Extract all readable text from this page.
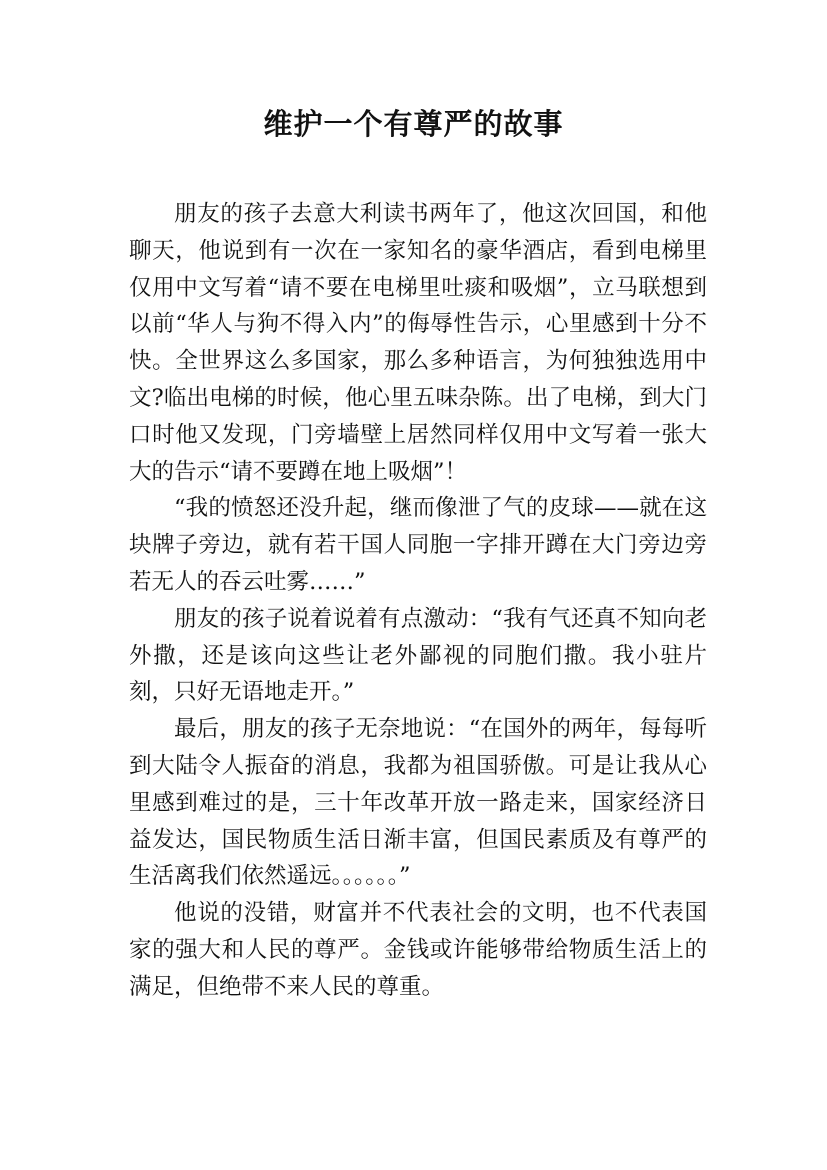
维护一个有尊严的故事

朋友的孩子去意大利读书两年了，他这次回国，和他聊天，他说到有一次在一家知名的豪华酒店，看到电梯里仅用中文写着“请不要在电梯里吐痰和吸烟”，立马联想到以前“华人与狗不得入内”的侮辱性告示，心里感到十分不快。全世界这么多国家，那么多种语言，为何独独选用中文?临出电梯的时候，他心里五味杂陈。出了电梯，到大门口时他又发现，门旁墙壁上居然同样仅用中文写着一张大大的告示“请不要蹲在地上吸烟”！

“我的愤怒还没升起，继而像泄了气的皮球——就在这块牌子旁边，就有若干国人同胞一字排开蹲在大门旁边旁若无人的吞云吐雾……”

朋友的孩子说着说着有点激动：“我有气还真不知向老外撒，还是该向这些让老外鄙视的同胞们撒。我小驻片刻，只好无语地走开。”

最后，朋友的孩子无奈地说：“在国外的两年，每每听到大陆令人振奋的消息，我都为祖国骄傲。可是让我从心里感到难过的是，三十年改革开放一路走来，国家经济日益发达，国民物质生活日渐丰富，但国民素质及有尊严的生活离我们依然遥远。。。。。。”

他说的没错，财富并不代表社会的文明，也不代表国家的强大和人民的尊严。金钱或许能够带给物质生活上的满足，但绝带不来人民的尊重。
